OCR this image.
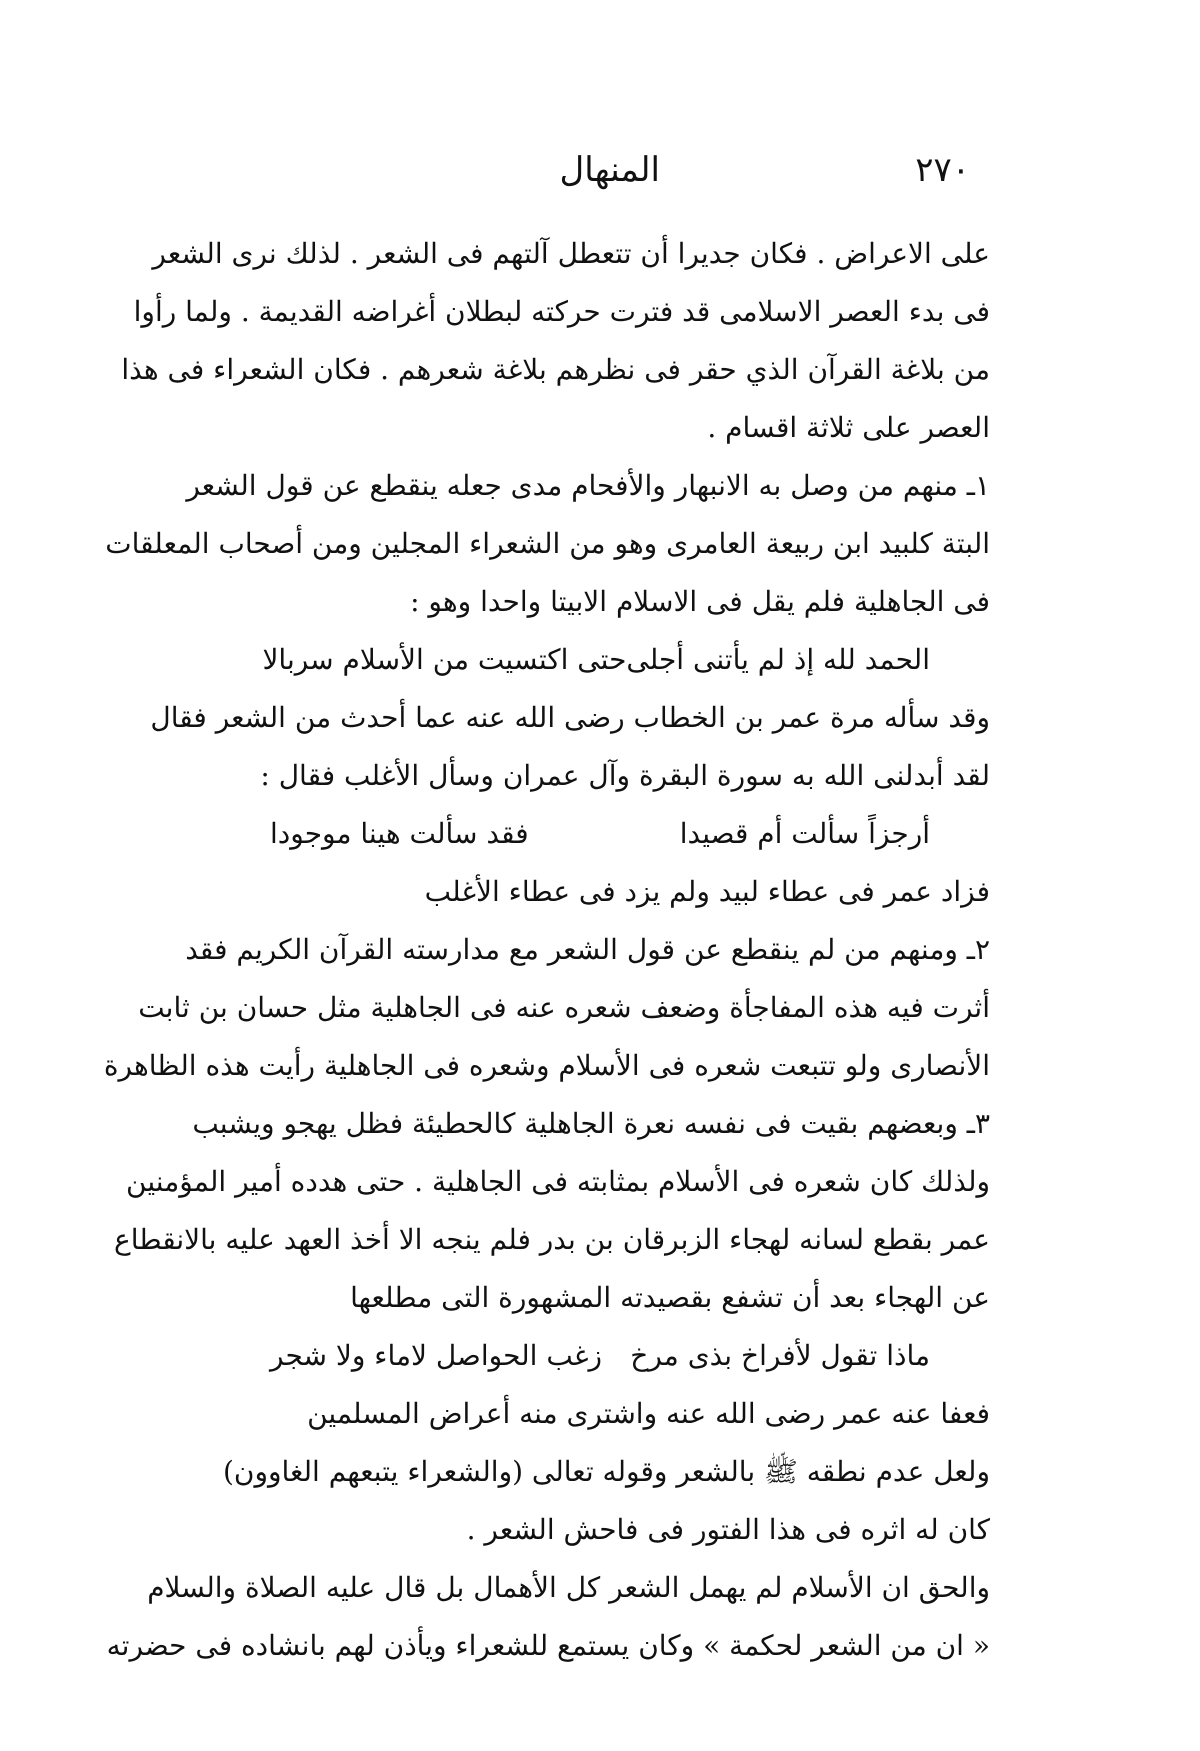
٢٧٠
المنهال
على الاعراض . فكان جديرا أن تتعطل آلتهم فى الشعر . لذلك نرى الشعر
فى بدء العصر الاسلامى قد فترت حركته لبطلان أغراضه القديمة . ولما رأوا
من بلاغة القرآن الذي حقر فى نظرهم بلاغة شعرهم . فكان الشعراء فى هذا
العصر على ثلاثة اقسام .
١ـ منهم من وصل به الانبهار والأفحام مدى جعله ينقطع عن قول الشعر
البتة كلبيد ابن ربيعة العامرى وهو من الشعراء المجلين ومن أصحاب المعلقات
فى الجاهلية فلم يقل فى الاسلام الابيتا واحدا وهو :
الحمد لله إذ لم يأتنى أجلى
حتى اكتسيت من الأسلام سربالا
وقد سأله مرة عمر بن الخطاب رضى الله عنه عما أحدث من الشعر فقال
لقد أبدلنى الله به سورة البقرة وآل عمران وسأل الأغلب فقال :
أرجزاً سألت أم قصيدا
فقد سألت هينا موجودا
فزاد عمر فى عطاء لبيد ولم يزد فى عطاء الأغلب
٢ـ ومنهم من لم ينقطع عن قول الشعر مع مدارسته القرآن الكريم فقد
أثرت فيه هذه المفاجأة وضعف شعره عنه فى الجاهلية مثل حسان بن ثابت
الأنصارى ولو تتبعت شعره فى الأسلام وشعره فى الجاهلية رأيت هذه الظاهرة
٣ـ وبعضهم بقيت فى نفسه نعرة الجاهلية كالحطيئة فظل يهجو ويشبب
ولذلك كان شعره فى الأسلام بمثابته فى الجاهلية . حتى هدده أمير المؤمنين
عمر بقطع لسانه لهجاء الزبرقان بن بدر فلم ينجه الا أخذ العهد عليه بالانقطاع
عن الهجاء بعد أن تشفع بقصيدته المشهورة التى مطلعها
ماذا تقول لأفراخ بذى مرخ
زغب الحواصل لاماء ولا شجر
فعفا عنه عمر رضى الله عنه واشترى منه أعراض المسلمين
ولعل عدم نطقه ﷺ بالشعر وقوله تعالى (والشعراء يتبعهم الغاوون)
كان له اثره فى هذا الفتور فى فاحش الشعر .
والحق ان الأسلام لم يهمل الشعر كل الأهمال بل قال عليه الصلاة والسلام
« ان من الشعر لحكمة » وكان يستمع للشعراء ويأذن لهم بانشاده فى حضرته
